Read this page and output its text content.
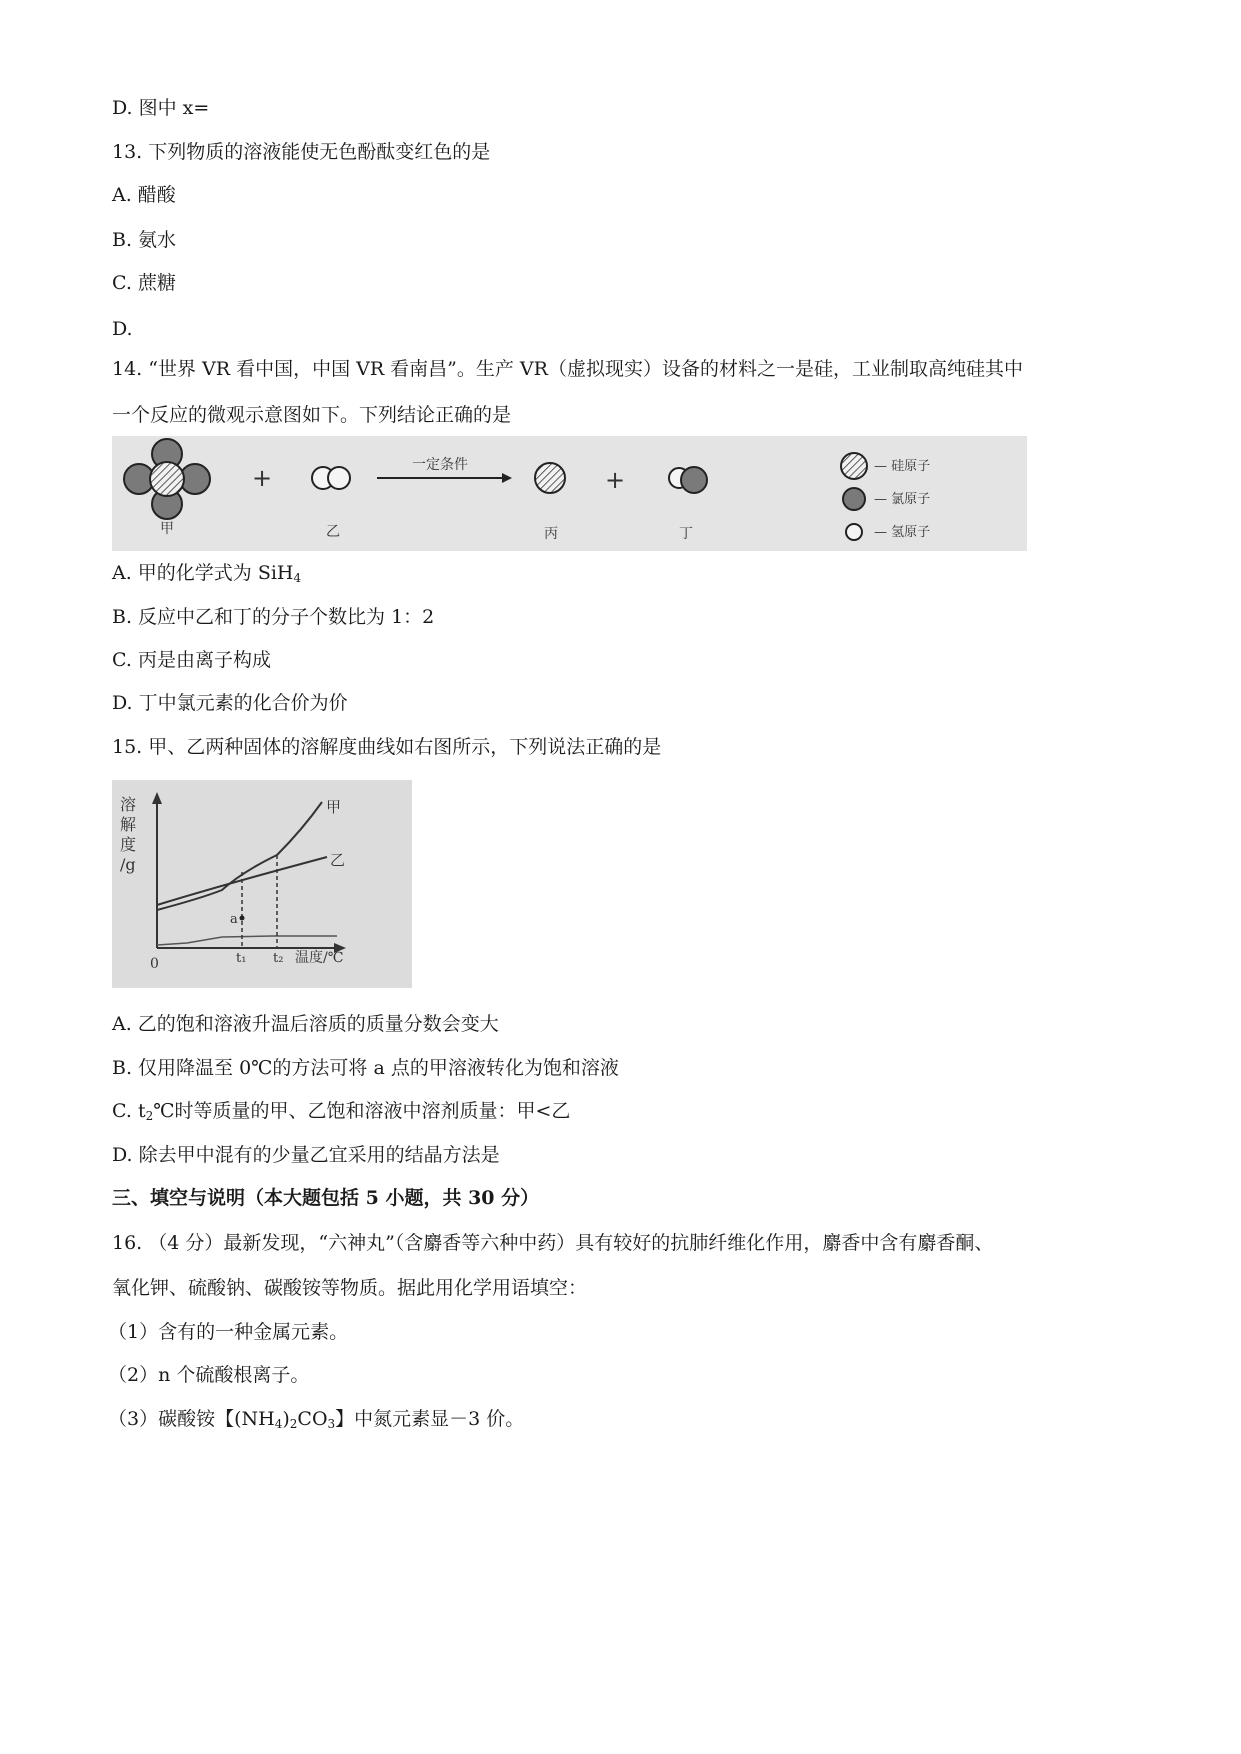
D. 图中 x=
13. 下列物质的溶液能使无色酚酞变红色的是
A. 醋酸
B. 氨水
C. 蔗糖
D.
14. “世界 VR 看中国，中国 VR 看南昌”。生产 VR（虚拟现实）设备的材料之一是硅，工业制取高纯硅其中
一个反应的微观示意图如下。下列结论正确的是
+	一定条件
+
甲	乙	丙	丁
— 硅原子
— 氯原子
— 氢原子
A. 甲的化学式为 SiH$_4$
B. 反应中乙和丁的分子个数比为 1：2
C. 丙是由离子构成
D. 丁中氯元素的化合价为价
15. 甲、乙两种固体的溶解度曲线如右图所示，下列说法正确的是
溶
解
度
/g
0	t₁ t₂ 温度/℃
甲
乙
a
A. 乙的饱和溶液升温后溶质的质量分数会变大
B. 仅用降温至 0℃的方法可将 a 点的甲溶液转化为饱和溶液
C. $t_2℃$时等质量的甲、乙饱和溶液中溶剂质量：甲<乙
D. 除去甲中混有的少量乙宜采用的结晶方法是
三、填空与说明（本大题包括 5 小题，共 30 分）
16. （4 分）最新发现，“六神丸”（含麝香等六种中药）具有较好的抗肺纤维化作用，麝香中含有麝香酮、
氧化钾、硫酸钠、碳酸铵等物质。据此用化学用语填空：
（1）含有的一种金属元素。
（2）n 个硫酸根离子。
（3）碳酸铵【$(NH_4)_2CO_3$】中氮元素显－3 价。
